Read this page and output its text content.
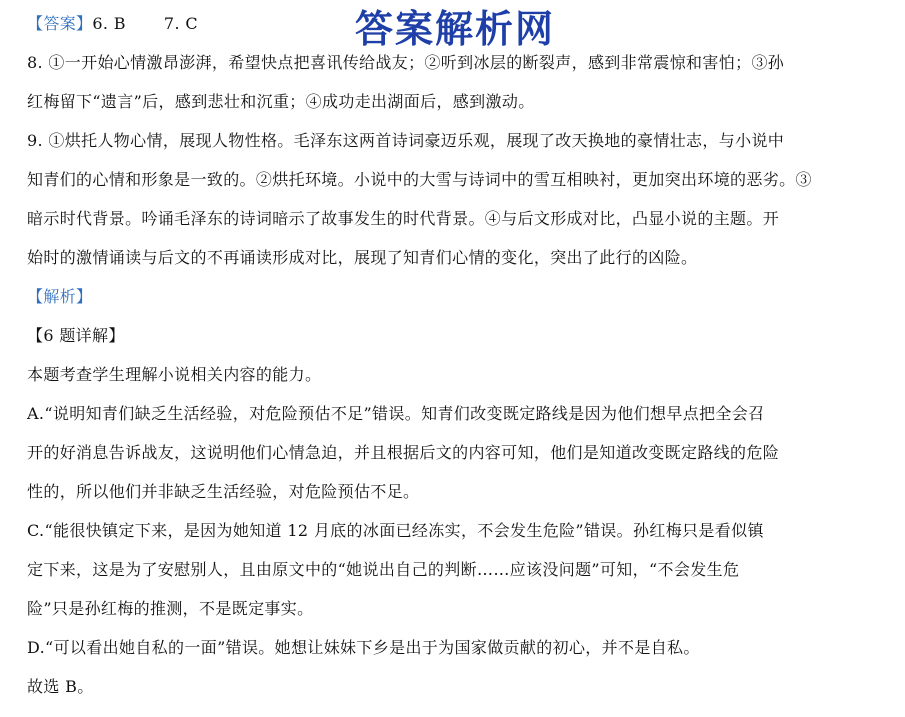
答案解析网
【答案】6. B 7. C
8. ①一开始心情激昂澎湃，希望快点把喜讯传给战友；②听到冰层的断裂声，感到非常震惊和害怕；③孙
红梅留下“遗言”后，感到悲壮和沉重；④成功走出湖面后，感到激动。
9. ①烘托人物心情，展现人物性格。毛泽东这两首诗词豪迈乐观，展现了改天换地的豪情壮志，与小说中
知青们的心情和形象是一致的。②烘托环境。小说中的大雪与诗词中的雪互相映衬，更加突出环境的恶劣。③
暗示时代背景。吟诵毛泽东的诗词暗示了故事发生的时代背景。④与后文形成对比，凸显小说的主题。开
始时的激情诵读与后文的不再诵读形成对比，展现了知青们心情的变化，突出了此行的凶险。
【解析】
【6 题详解】
本题考查学生理解小说相关内容的能力。
A.“说明知青们缺乏生活经验，对危险预估不足”错误。知青们改变既定路线是因为他们想早点把全会召
开的好消息告诉战友，这说明他们心情急迫，并且根据后文的内容可知，他们是知道改变既定路线的危险
性的，所以他们并非缺乏生活经验，对危险预估不足。
C.“能很快镇定下来，是因为她知道 12 月底的冰面已经冻实，不会发生危险”错误。孙红梅只是看似镇
定下来，这是为了安慰别人，且由原文中的“她说出自己的判断……应该没问题”可知，“不会发生危
险”只是孙红梅的推测，不是既定事实。
D.“可以看出她自私的一面”错误。她想让妹妹下乡是出于为国家做贡献的初心，并不是自私。
故选 B。
